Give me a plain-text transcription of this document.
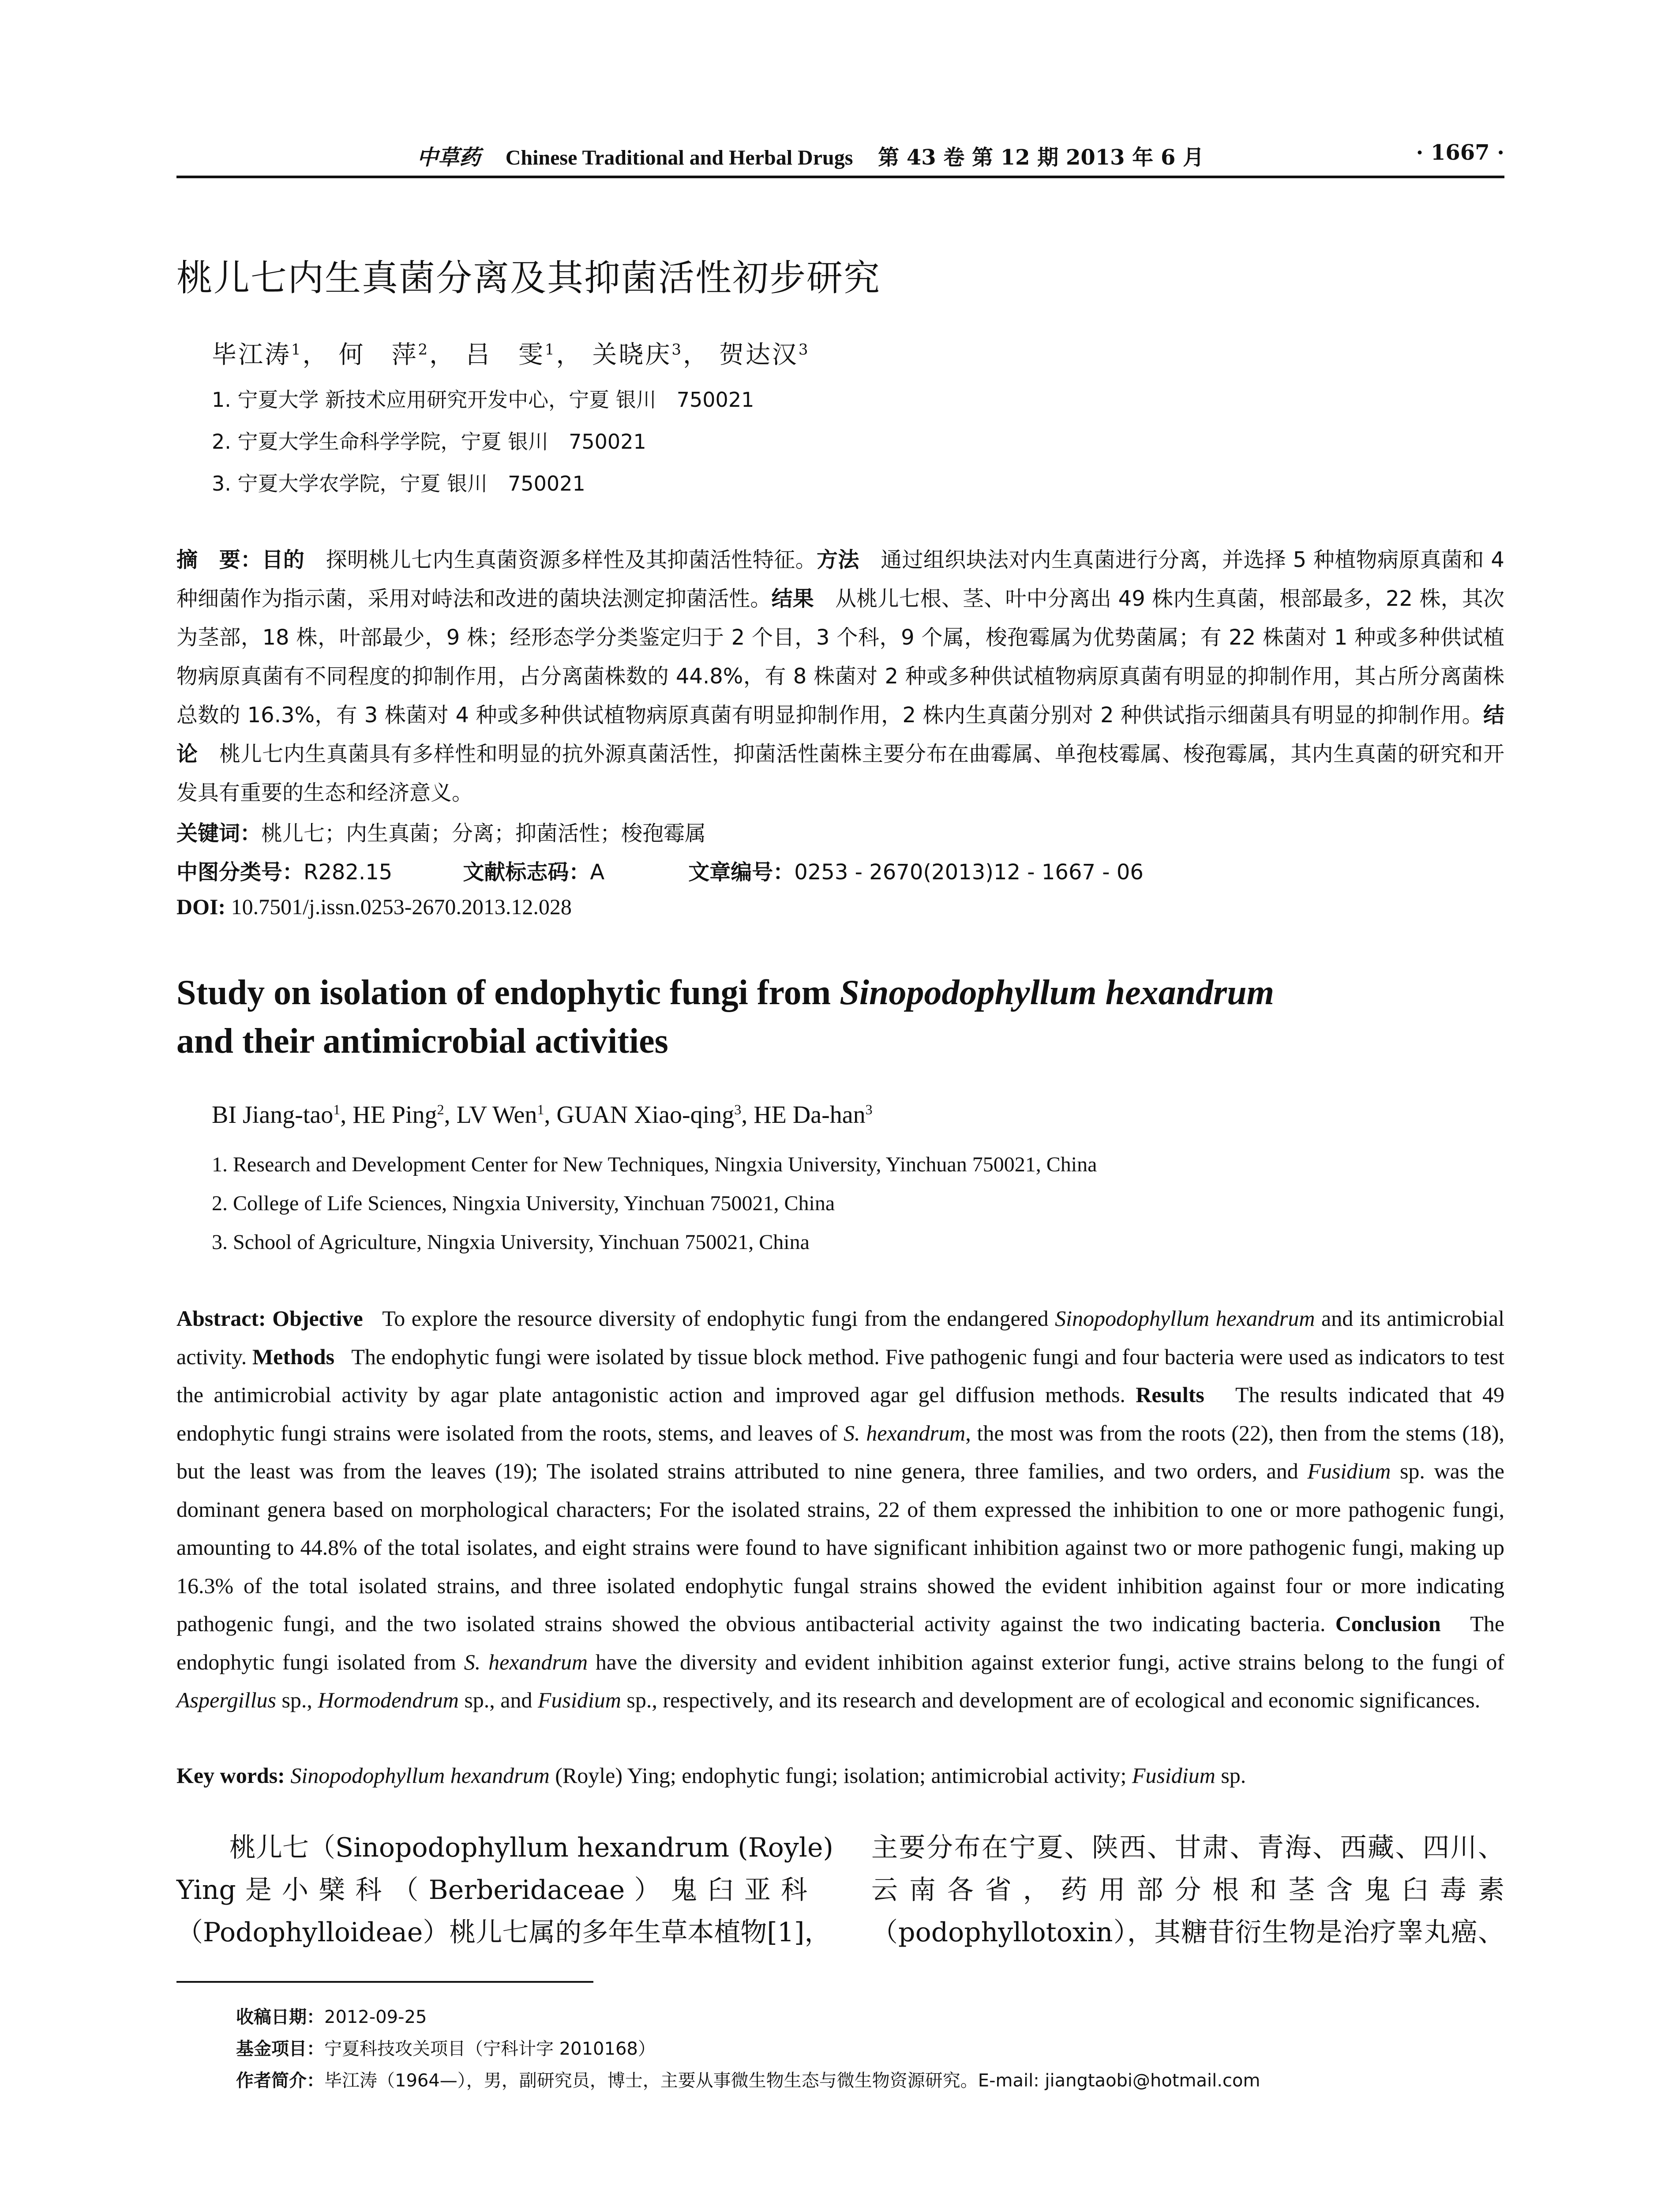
中草药 Chinese Traditional and Herbal Drugs 第 43 卷 第 12 期 2013 年 6 月	· 1667 ·
桃儿七内生真菌分离及其抑菌活性初步研究
毕江涛$^1$， 何　萍$^2$， 吕　雯$^1$， 关晓庆$^3$， 贺达汉$^3$
1. 宁夏大学 新技术应用研究开发中心，宁夏 银川　750021
2. 宁夏大学生命科学学院，宁夏 银川　750021
3. 宁夏大学农学院，宁夏 银川　750021
摘　要：目的　 探明桃儿七内生真菌资源多样性及其抑菌活性特征。方法　 通过组织块法对内生真菌进行分离，并选择 5 种植物病原真菌和 4 种细菌作为指示菌，采用对峙法和改进的菌块法测定抑菌活性。结果　 从桃儿七根、茎、叶中分离出 49 株内生真菌，根部最多，22 株，其次为茎部，18 株，叶部最少，9 株；经形态学分类鉴定归于 2 个目，3 个科，9 个属，梭孢霉属为优势菌属；有 22 株菌对 1 种或多种供试植物病原真菌有不同程度的抑制作用，占分离菌株数的 44.8%，有 8 株菌对 2 种或多种供试植物病原真菌有明显的抑制作用，其占所分离菌株总数的 16.3%，有 3 株菌对 4 种或多种供试植物病原真菌有明显抑制作用，2 株内生真菌分别对 2 种供试指示细菌具有明显的抑制作用。结论　 桃儿七内生真菌具有多样性和明显的抗外源真菌活性，抑菌活性菌株主要分布在曲霉属、单孢枝霉属、梭孢霉属，其内生真菌的研究和开发具有重要的生态和经济意义。
关键词：桃儿七；内生真菌；分离；抑菌活性；梭孢霉属
中图分类号：R282.15	文献标志码：A	文章编号：0253 - 2670(2013)12 - 1667 - 06
DOI: 10.7501/j.issn.0253-2670.2013.12.028
Study on isolation of endophytic fungi from Sinopodophyllum hexandrum
and their antimicrobial activities
BI Jiang-tao$^1$, HE Ping$^2$, LV Wen$^1$, GUAN Xiao-qing$^3$, HE Da-han$^3$
1. Research and Development Center for New Techniques, Ningxia University, Yinchuan 750021, China
2. College of Life Sciences, Ningxia University, Yinchuan 750021, China
3. School of Agriculture, Ningxia University, Yinchuan 750021, China
Abstract: Objective To explore the resource diversity of endophytic fungi from the endangered Sinopodophyllum hexandrum and its antimicrobial activity. Methods The endophytic fungi were isolated by tissue block method. Five pathogenic fungi and four bacteria were used as indicators to test the antimicrobial activity by agar plate antagonistic action and improved agar gel diffusion methods. Results The results indicated that 49 endophytic fungi strains were isolated from the roots, stems, and leaves of S. hexandrum, the most was from the roots (22), then from the stems (18), but the least was from the leaves (19); The isolated strains attributed to nine genera, three families, and two orders, and Fusidium sp. was the dominant genera based on morphological characters; For the isolated strains, 22 of them expressed the inhibition to one or more pathogenic fungi, amounting to 44.8% of the total isolates, and eight strains were found to have significant inhibition against two or more pathogenic fungi, making up 16.3% of the total isolated strains, and three isolated endophytic fungal strains showed the evident inhibition against four or more indicating pathogenic fungi, and the two isolated strains showed the obvious antibacterial activity against the two indicating bacteria. Conclusion The endophytic fungi isolated from S. hexandrum have the diversity and evident inhibition against exterior fungi, active strains belong to the fungi of Aspergillus sp., Hormodendrum sp., and Fusidium sp., respectively, and its research and development are of ecological and economic significances.
Key words: Sinopodophyllum hexandrum (Royle) Ying; endophytic fungi; isolation; antimicrobial activity; Fusidium sp.
桃儿七（Sinopodophyllum hexandrum (Royle)
Ying 是 小 檗 科 （ Berberidaceae ） 鬼 臼 亚 科
（Podophylloideae）桃儿七属的多年生草本植物[1]，
主要分布在宁夏、陕西、甘肃、青海、西藏、四川、
云 南 各 省 ， 药 用 部 分 根 和 茎 含 鬼 臼 毒 素
（podophyllotoxin），其糖苷衍生物是治疗睾丸癌、
收稿日期：2012-09-25
基金项目：宁夏科技攻关项目（宁科计字 2010168）
作者简介：毕江涛（1964—），男，副研究员，博士，主要从事微生物生态与微生物资源研究。E-mail: jiangtaobi@hotmail.com
